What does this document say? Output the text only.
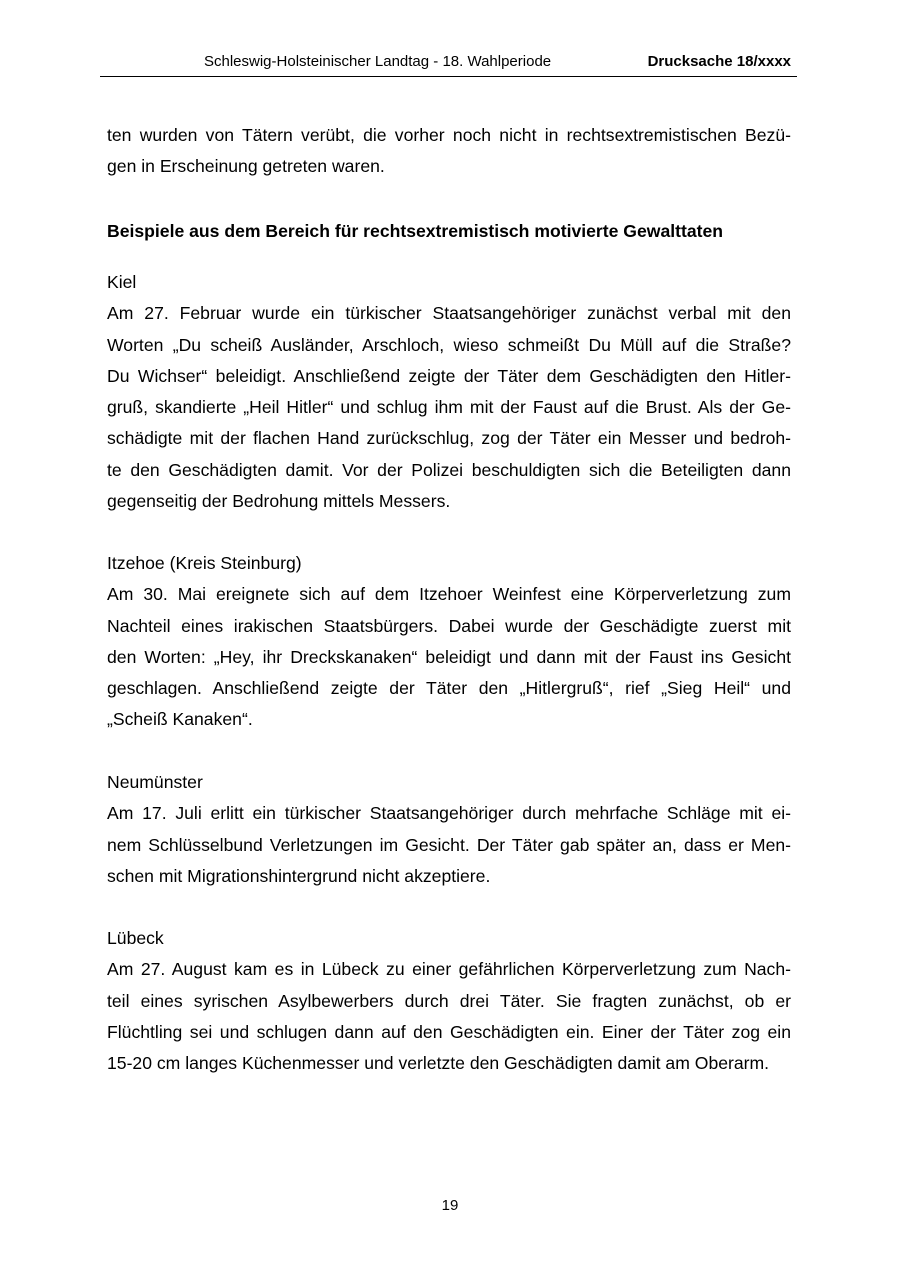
Schleswig-Holsteinischer Landtag - 18. Wahlperiode	Drucksache 18/xxxx
ten wurden von Tätern verübt, die vorher noch nicht in rechtsextremistischen Bezü-
gen in Erscheinung getreten waren.
Beispiele aus dem Bereich für rechtsextremistisch motivierte Gewalttaten
Kiel
Am 27. Februar wurde ein türkischer Staatsangehöriger zunächst verbal mit den
Worten „Du scheiß Ausländer, Arschloch, wieso schmeißt Du Müll auf die Straße?
Du Wichser“ beleidigt. Anschließend zeigte der Täter dem Geschädigten den Hitler-
gruß, skandierte „Heil Hitler“ und schlug ihm mit der Faust auf die Brust. Als der Ge-
schädigte mit der flachen Hand zurückschlug, zog der Täter ein Messer und bedroh-
te den Geschädigten damit. Vor der Polizei beschuldigten sich die Beteiligten dann
gegenseitig der Bedrohung mittels Messers.
Itzehoe (Kreis Steinburg)
Am 30. Mai ereignete sich auf dem Itzehoer Weinfest eine Körperverletzung zum
Nachteil eines irakischen Staatsbürgers. Dabei wurde der Geschädigte zuerst mit
den Worten: „Hey, ihr Dreckskanaken“ beleidigt und dann mit der Faust ins Gesicht
geschlagen. Anschließend zeigte der Täter den „Hitlergruß“, rief „Sieg Heil“ und
„Scheiß Kanaken“.
Neumünster
Am 17. Juli erlitt ein türkischer Staatsangehöriger durch mehrfache Schläge mit ei-
nem Schlüsselbund Verletzungen im Gesicht. Der Täter gab später an, dass er Men-
schen mit Migrationshintergrund nicht akzeptiere.
Lübeck
Am 27. August kam es in Lübeck zu einer gefährlichen Körperverletzung zum Nach-
teil eines syrischen Asylbewerbers durch drei Täter. Sie fragten zunächst, ob er
Flüchtling sei und schlugen dann auf den Geschädigten ein. Einer der Täter zog ein
15-20 cm langes Küchenmesser und verletzte den Geschädigten damit am Oberarm.
19
